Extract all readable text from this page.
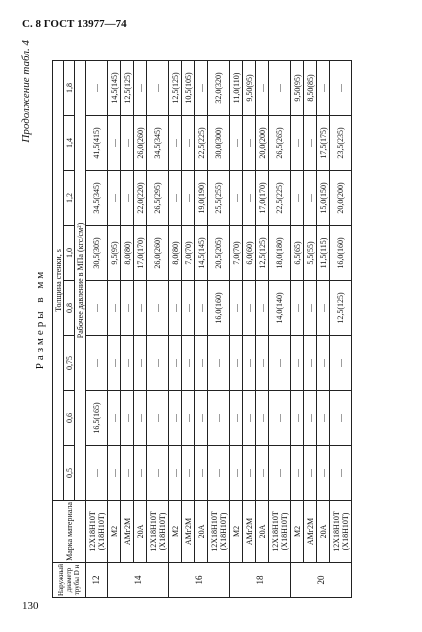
С. 8 ГОСТ 13977—74
130
Продолжение табл. 4
Размеры в мм
Наружный диаметр трубы D н	Марка материала	Толщина стенки, s							
		0,5	0,6	0,75	0,8	1,0	1,2	1,4	1,8
		Рабочее давление в МПа (кгс/см²)							
12	12Х18Н10Т (Х18Н10Т)	—	16,5(165)	—	—	30,5(305)	34,5(345)	41,5(415)	—
14	М2	—	—	—	—	9,5(95)	—	—	14,5(145)
	АМг2М	—	—	—	—	8,0(80)	—	—	12,5(125)
	20А	—	—	—	—	17,0(170)	22,0(220)	26,0(260)	—
	12Х18Н10Т (Х18Н10Т)	—	—	—	—	26,0(260)	26,5(295)	34,5(345)	—
16	М2	—	—	—	—	8,0(80)	—	—	12,5(125)
	АМг2М	—	—	—	—	7,0(70)	—	—	10,5(105)
	20А	—	—	—	—	14,5(145)	19,0(190)	22,5(225)	—
	12Х18Н10Т (Х18Н10Т)	—	—	—	16,0(160)	20,5(205)	25,5(255)	30,0(300)	32,0(320)
18	М2	—	—	—	—	7,0(70)	—	—	11,0(110)
	АМг2М	—	—	—	—	6,0(60)	—	—	9,50(95)
	20А	—	—	—	—	12,5(125)	17,0(170)	20,0(200)	—
	12Х18Н10Т (Х18Н10Т)	—	—	—	14,0(140)	18,0(180)	22,5(225)	26,5(265)	—
20	М2	—	—	—	—	6,5(65)	—	—	9,50(95)
	АМг2М	—	—	—	—	5,5(55)	—	—	8,50(85)
	20А	—	—	—	—	11,5(115)	15,0(150)	17,5(175)	—
	12Х18Н10Т (Х18Н10Т)	—	—	—	12,5(125)	16,0(160)	20,0(200)	23,5(235)	—
